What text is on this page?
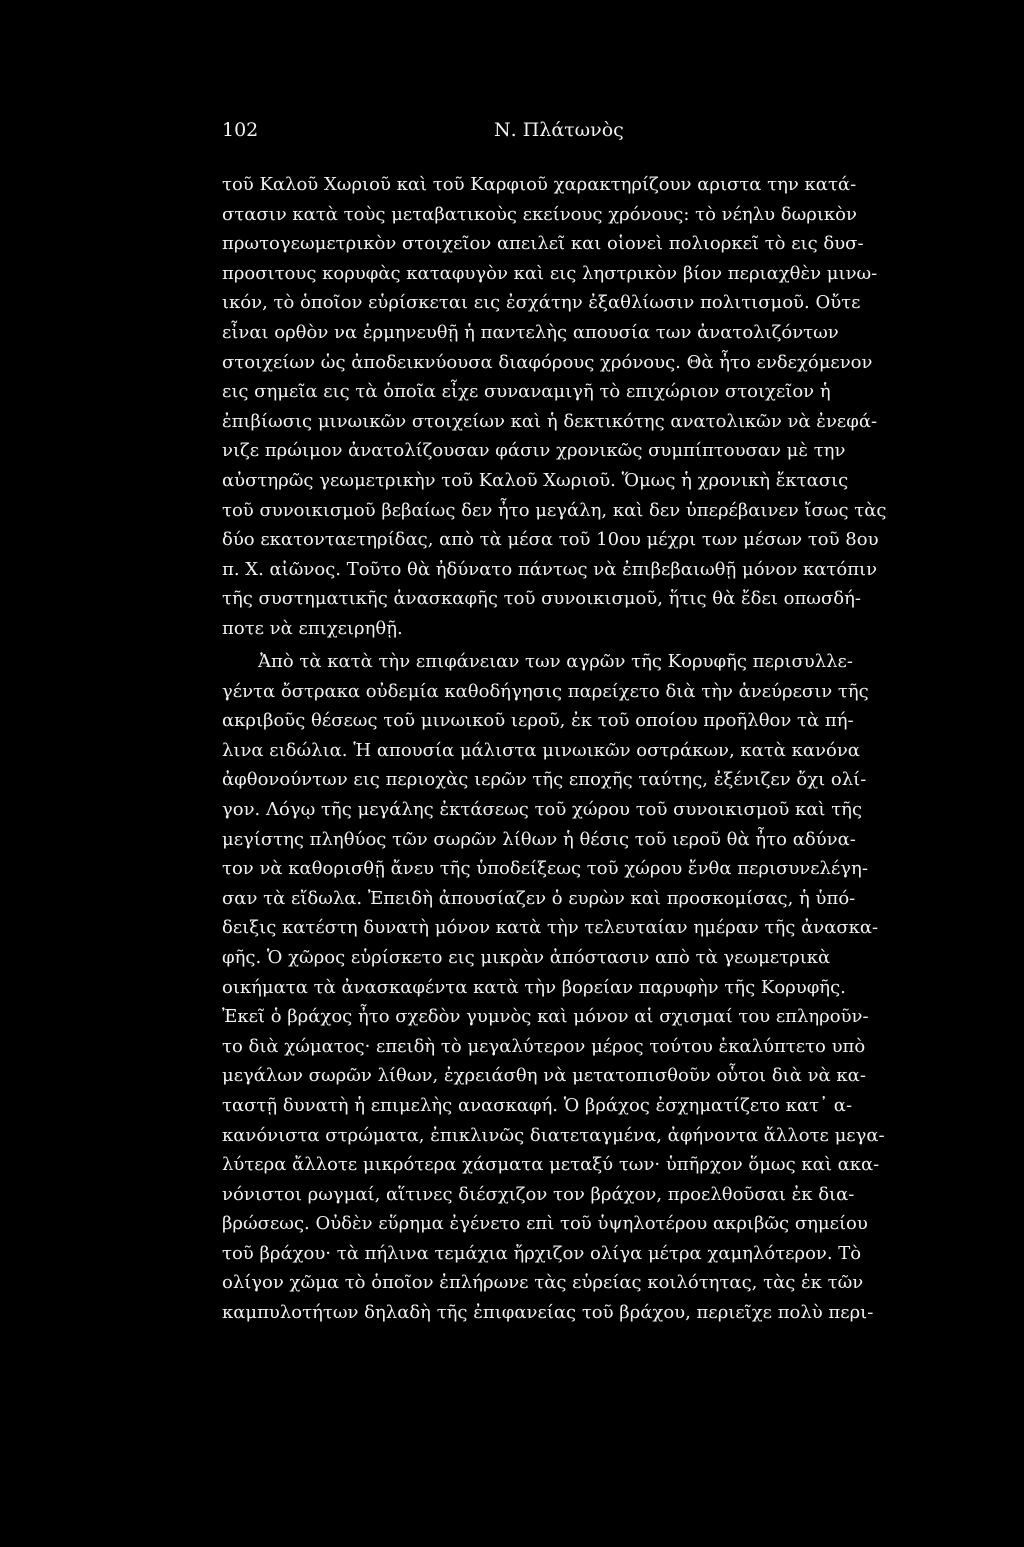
102	Ν. Πλάτωνὸς
τοῦ Καλοῦ Χωριοῦ καὶ τοῦ Καρφιοῦ χαρακτηρίζουν αριστα την κατά-
στασιν κατὰ τοὺς μεταβατικοὺς εκείνους χρόνους: τὸ νέηλυ δωρικὸν
πρωτογεωμετρικὸν στοιχεῖον απειλεῖ και οἱονεὶ πολιορκεῖ τὸ εις δυσ-
προσιτους κορυφὰς καταφυγὸν καὶ εις ληστρικὸν βίον περιαχθὲν μινω-
ικόν, τὸ ὁποῖον εὑρίσκεται εις ἐσχάτην ἐξαθλίωσιν πολιτισμοῦ. Οὔτε
εἶναι ορθὸν να ἑρμηνευθῇ ἡ παντελὴς απουσία των ἀνατολιζόντων
στοιχείων ὡς ἀποδεικνύουσα διαφόρους χρόνους. Θὰ ἦτο ενδεχόμενον
εις σημεῖα εις τὰ ὁποῖα εἶχε συναναμιγῆ τὸ επιχώριον στοιχεῖον ἡ
ἐπιβίωσις μινωικῶν στοιχείων καὶ ἡ δεκτικότης ανατολικῶν νὰ ἐνεφά-
νιζε πρώιμον ἀνατολίζουσαν φάσιν χρονικῶς συμπίπτουσαν μὲ την
αὐστηρῶς γεωμετρικὴν τοῦ Καλοῦ Χωριοῦ. Ὅμως ἡ χρονικὴ ἔκτασις
τοῦ συνοικισμοῦ βεβαίως δεν ἦτο μεγάλη, καὶ δεν ὑπερέβαινεν ἴσως τὰς
δύο εκατονταετηρίδας, απὸ τὰ μέσα τοῦ 10ου μέχρι των μέσων τοῦ 8ου
π. Χ. αἰῶνος. Τοῦτο θὰ ἠδύνατο πάντως νὰ ἐπιβεβαιωθῇ μόνον κατόπιν
τῆς συστηματικῆς ἀνασκαφῆς τοῦ συνοικισμοῦ, ἥτις θὰ ἔδει οπωσδή-
ποτε νὰ επιχειρηθῇ.
Ἀπὸ τὰ κατὰ τὴν επιφάνειαν των αγρῶν τῆς Κορυφῆς περισυλλε-
γέντα ὄστρακα οὐδεμία καθοδήγησις παρείχετο διὰ τὴν ἀνεύρεσιν τῆς
ακριβοῦς θέσεως τοῦ μινωικοῦ ιεροῦ, ἐκ τοῦ οποίου προῆλθον τὰ πή-
λινα ειδώλια. Ἡ απουσία μάλιστα μινωικῶν οστράκων, κατὰ κανόνα
ἀφθονούντων εις περιοχὰς ιερῶν τῆς εποχῆς ταύτης, ἐξένιζεν ὄχι ολί-
γον. Λόγῳ τῆς μεγάλης ἐκτάσεως τοῦ χώρου τοῦ συνοικισμοῦ καὶ τῆς
μεγίστης πληθύος τῶν σωρῶν λίθων ἡ θέσις τοῦ ιεροῦ θὰ ἦτο αδύνα-
τον νὰ καθορισθῇ ἄνευ τῆς ὑποδείξεως τοῦ χώρου ἔνθα περισυνελέγη-
σαν τὰ εἴδωλα. Ἐπειδὴ ἀπουσίαζεν ὁ ευρὼν καὶ προσκομίσας, ἡ ὑπό-
δειξις κατέστη δυνατὴ μόνον κατὰ τὴν τελευταίαν ημέραν τῆς ἀνασκα-
φῆς. Ὁ χῶρος εὑρίσκετο εις μικρὰν ἀπόστασιν απὸ τὰ γεωμετρικὰ
οικήματα τὰ ἀνασκαφέντα κατὰ τὴν βορείαν παρυφὴν τῆς Κορυφῆς.
Ἐκεῖ ὁ βράχος ἦτο σχεδὸν γυμνὸς καὶ μόνον αἱ σχισμαί του επληροῦν-
το διὰ χώματος· επειδὴ τὸ μεγαλύτερον μέρος τούτου ἐκαλύπτετο υπὸ
μεγάλων σωρῶν λίθων, ἐχρειάσθη νὰ μετατοπισθοῦν οὗτοι διὰ νὰ κα-
ταστῇ δυνατὴ ἡ επιμελὴς ανασκαφή. Ὁ βράχος ἐσχηματίζετο κατ᾽ α-
κανόνιστα στρώματα, ἐπικλινῶς διατεταγμένα, ἀφήνοντα ἄλλοτε μεγα-
λύτερα ἄλλοτε μικρότερα χάσματα μεταξύ των· ὑπῆρχον ὅμως καὶ ακα-
νόνιστοι ρωγμαί, αἵτινες διέσχιζον τον βράχον, προελθοῦσαι ἐκ δια-
βρώσεως. Οὐδὲν εὕρημα ἐγένετο επὶ τοῦ ὑψηλοτέρου ακριβῶς σημείου
τοῦ βράχου· τὰ πήλινα τεμάχια ἤρχιζον ολίγα μέτρα χαμηλότερον. Τὸ
ολίγον χῶμα τὸ ὁποῖον ἐπλήρωνε τὰς εὑρείας κοιλότητας, τὰς ἐκ τῶν
καμπυλοτήτων δηλαδὴ τῆς ἐπιφανείας τοῦ βράχου, περιεῖχε πολὺ περι-
